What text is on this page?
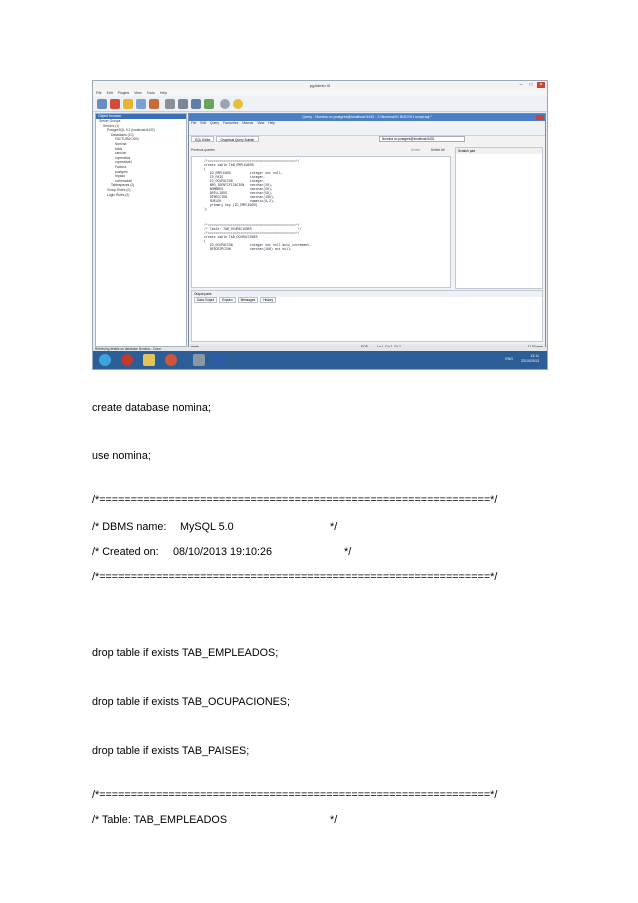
pgAdmin III	–	□	×
File Edit Plugins View Tools Help
Object browser
Server Groups
Servers (1)
PostgreSQL 9.2 (localhost:5432)
Databases (10)
FACTURACION
Nomina
bdds
cancion
coperativa
coperativa2
Factura
postgres
repaso
universidad
Tablespaces (2)
Group Roles (0)
Login Roles (2)
Query - Nomina on postgres@localhost:5432 - Z:\Nomina\01 BODY01 script.sql *
File Edit Query Favourites Macros View Help
Nomina on postgres@localhost:5432
SQL Editor	Graphical Query Builder
Previous queries	Delete	Delete All
/*==============================================*/
create table TAB_EMPLEADOS
(
ID_EMPLEADO          integer not null,
ID_PAIS              integer,
ID_OCUPACION         integer,
NRO_IDENTIFICACION   varchar(20),
NOMBRES              varchar(50),
APELLIDOS            varchar(50),
DIRECCION            varchar(100),
SUELDO               numeric(8,2),
primary key (ID_EMPLEADO)
);
/*==============================================*/
/* Table: TAB_OCUPACIONES                        */
/*==============================================*/
create table TAB_OCUPACIONES
(
ID_OCUPACION         integer not null auto_increment,
DESCRIPCION          varchar(100) not null,
Scratch pad
Output pane
Data Output	Explain	Messages	History
Retrieving details on database Nomina... Done.
ENG
13:11
22/10/2013
create database nomina;
use nomina;
/*==============================================================*/
/* DBMS name: MySQL 5.0	*/
/* Created on: 08/10/2013 19:10:26	*/
/*==============================================================*/
drop table if exists TAB_EMPLEADOS;
drop table if exists TAB_OCUPACIONES;
drop table if exists TAB_PAISES;
/*==============================================================*/
/* Table: TAB_EMPLEADOS	*/
